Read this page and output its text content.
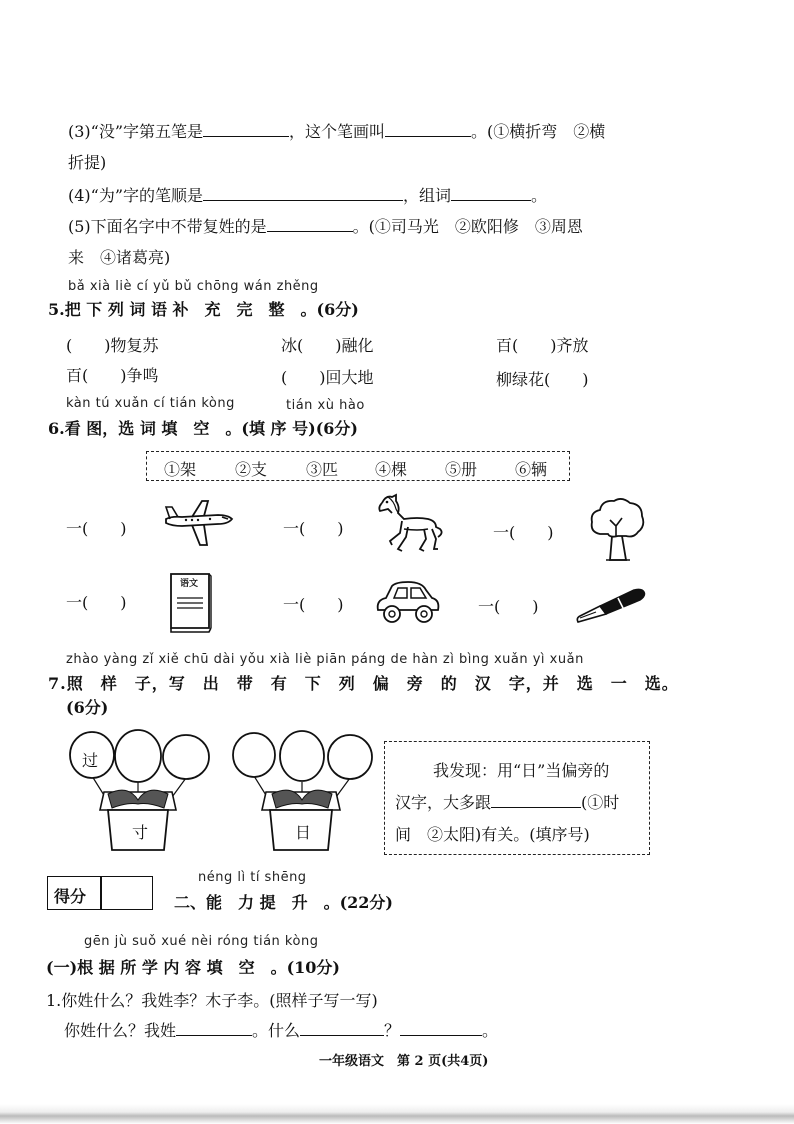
(3)“没”字第五笔是	，这个笔画叫	。(①横折弯　②横
折提)
(4)“为”字的笔顺是	，组词	。
(5)下面名字中不带复姓的是	。(①司马光　②欧阳修　③周恩
来　④诸葛亮)
bǎ xià liè cí yǔ bǔ chōng wán zhěng
5.把 下 列 词 语 补　充　完　整　。(6分)
(　　)物复苏	冰(　　)融化	百(　　)齐放
百(　　)争鸣	(　　)回大地	柳绿花(　　)
kàn tú xuǎn cí tián kòng	tián xù hào
6.看 图，选 词 填　空　。(填 序 号)(6分)
①架 ②支 ③匹 ④棵 ⑤册 ⑥辆
一(　　)	一(　　)	一(　　)
一(　　)	一(　　)	一(　　)
语文
zhào yàng zǐ xiě chū dài yǒu xià liè piān páng de hàn zì bìng xuǎn yì xuǎn
7.照　样　子，写　出　带　有　下　列　偏　旁　的　汉　字，并　选　一　选。
(6分)
过
寸	日
我发现：用“日”当偏旁的
汉字，大多跟	(①时
间　②太阳)有关。(填序号)
得分
néng lì tí shēng
二、能　力 提　升　。(22分)
gēn jù suǒ xué nèi róng tián kòng
(一)根 据 所 学 内 容 填　空　。(10分)
1.你姓什么？我姓李？木子李。(照样子写一写)
你姓什么？我姓	。什么	？	。
一年级语文　第 2 页(共4页)
